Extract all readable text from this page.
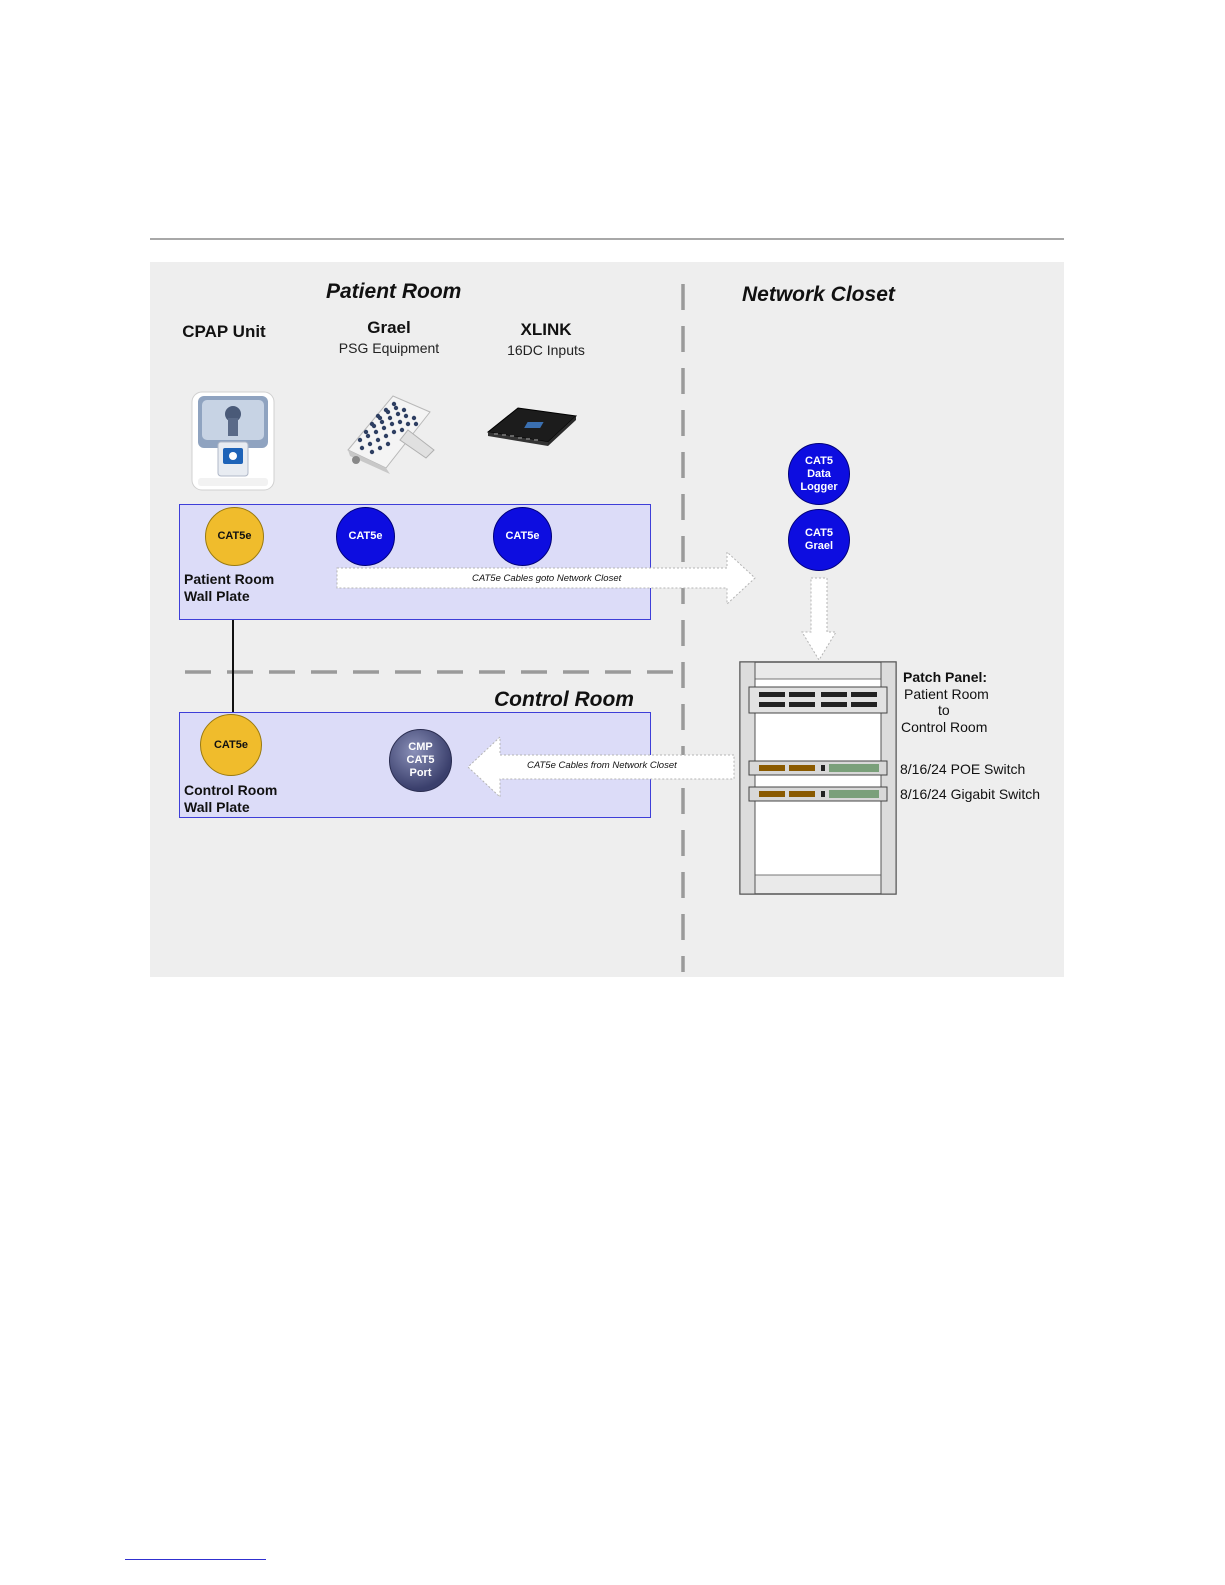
Patient Room	Network Closet
Control Room
CPAP Unit	Grael
PSG Equipment
XLINK
16DC Inputs
CAT5e	CAT5e	CAT5e
Patient Room
Wall Plate
CAT5e Cables goto Network Closet
CAT5
Data
Logger
CAT5
Grael
CAT5e
Control Room
Wall Plate
CMP
CAT5
Port
CAT5e Cables from Network Closet
Patch Panel:
Patient Room
to
Control Room
8/16/24 POE Switch
8/16/24 Gigabit Switch
